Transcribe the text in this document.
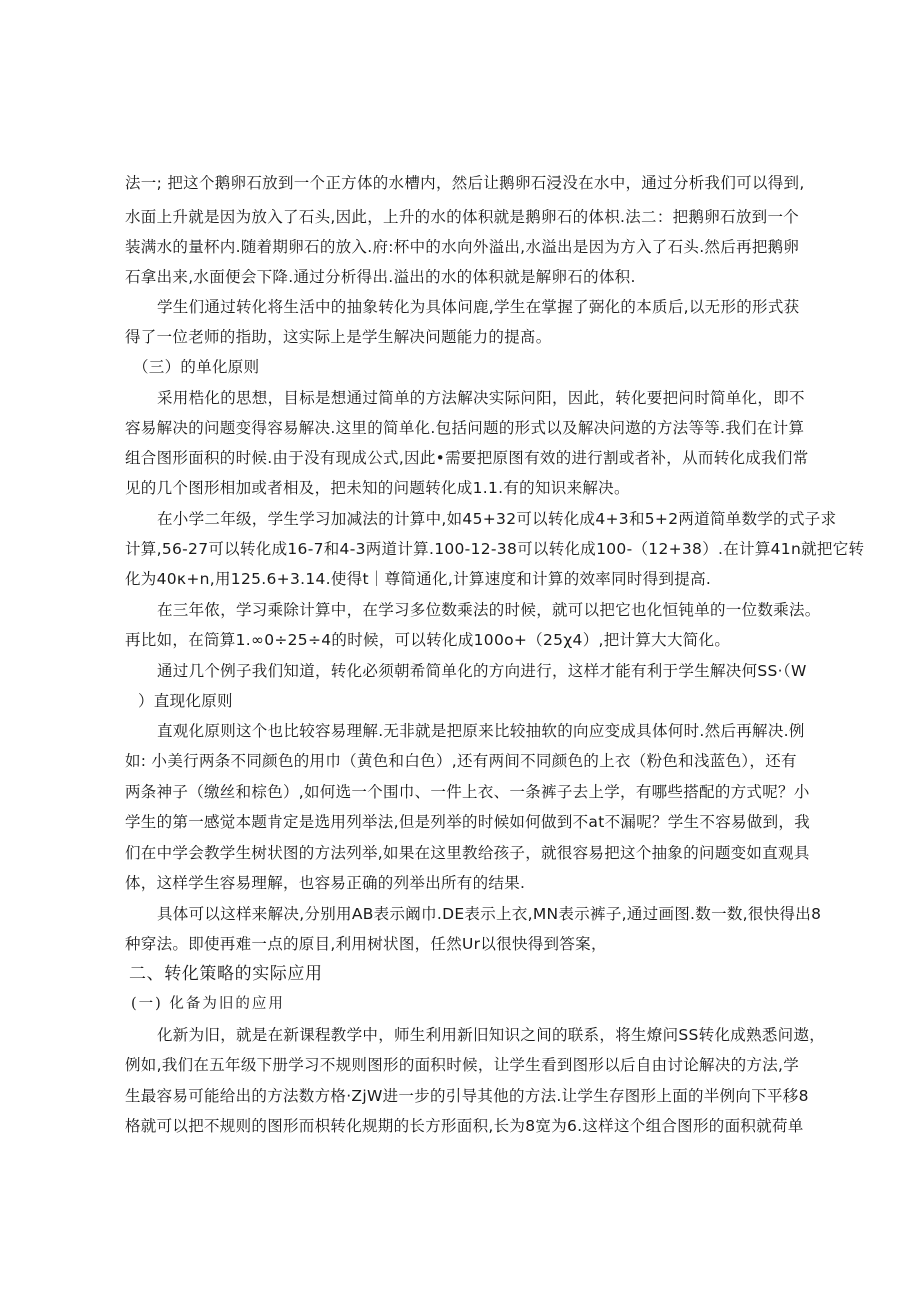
法一; 把这个鹅卵石放到一个正方体的水槽内，然后让鹅卵石浸没在水中，通过分析我们可以得到,
水面上升就是因为放入了石头,因此，上升的水的体积就是鹅卵石的体枳.法二：把鹅卵石放到一个
装满水的量杯内.随着期卵石的放入.府:杯中的水向外溢出,水溢出是因为方入了石头.然后再把鹅卵
石拿出来,水面便会下降.通过分析得出.溢出的水的体积就是解卵石的体积.
学生们通过转化将生活中的抽象转化为具体问鹿,学生在掌握了弼化的本质后,以无形的形式获
得了一位老师的指助，这实际上是学生解决问题能力的提髙。
（三）的单化原则
采用梏化的思想，目标是想通过简单的方法解决实际问阳，因此，转化要把问时简单化，即不
容易解决的问题变得容易解决.这里的简单化.包括问题的形式以及解决问遨的方法等等.我们在计算
组合图形面积的时候.由于没有现成公式,因此•需要把原图有效的进行割或者补，从而转化成我们常
见的几个图形相加或者相及，把未知的问题转化成1.1.有的知识来解决。
在小学二年级，学生学习加减法的计算中,如45+32可以转化成4+3和5+2两道简单数学的式子求
计算,56-27可以转化成16-7和4-3两道计算.100-12-38可以转化成100-（12+38）.在计算41n就把它转
化为40κ+n,用125.6+3.14.使得t｜尊简通化,计算速度和计算的效率同时得到提高.
在三年侬，学习乘除计算中，在学习多位数乘法的时候，就可以把它也化恒钝单的一位数乘法。
再比如，在筒算1.∞0÷25÷4的时候，可以转化成100o+（25χ4）,把计算大大简化。
通过几个例子我们知道，转化必须朝希简单化的方向进行，这样才能有利于学生解决何SS·（W
）直现化原则
直观化原则这个也比较容易理解.无非就是把原来比较抽软的向应变成具体何时.然后再解决.例
如: 小美行两条不同颜色的用巾（黄色和白色）,还有两间不同颜色的上衣（粉色和浅蓝色），还有
两条神子（缴丝和棕色）,如何选一个围巾、一件上衣、一条裤子去上学，有哪些搭配的方式呢？小
学生的第一感觉本题肯定是选用列举法,但是列举的时候如何做到不at不漏呢？学生不容易做到，我
们在中学会教学生树状图的方法列举,如果在这里教给孩子，就很容易把这个抽象的问题变如直观具
体，这样学生容易理解，也容易正确的列举出所有的结果.
具体可以这样来解决,分别用AB表示阚巾.DE表示上衣,MN表示裤子,通过画图.数一数,很快得出8
种穿法。即使再难一点的原目,利用树状图，任然Ur以很快得到答案，
二、转化策略的实际应用
(一) 化备为旧的应用
化新为旧，就是在新课程教学中，师生利用新旧知识之间的联系，将生燎问SS转化成熟悉问遨，
例如,我们在五年级下册学习不规则图形的面积时候，让学生看到图形以后自由讨论解决的方法,学
生最容易可能给出的方法数方格·ZjW进一步的引导其他的方法.让学生存图形上面的半例向下平移8
格就可以把不规则的图形而枳转化规期的长方形面积,长为8宽为6.这样这个组合图形的面积就荷单
